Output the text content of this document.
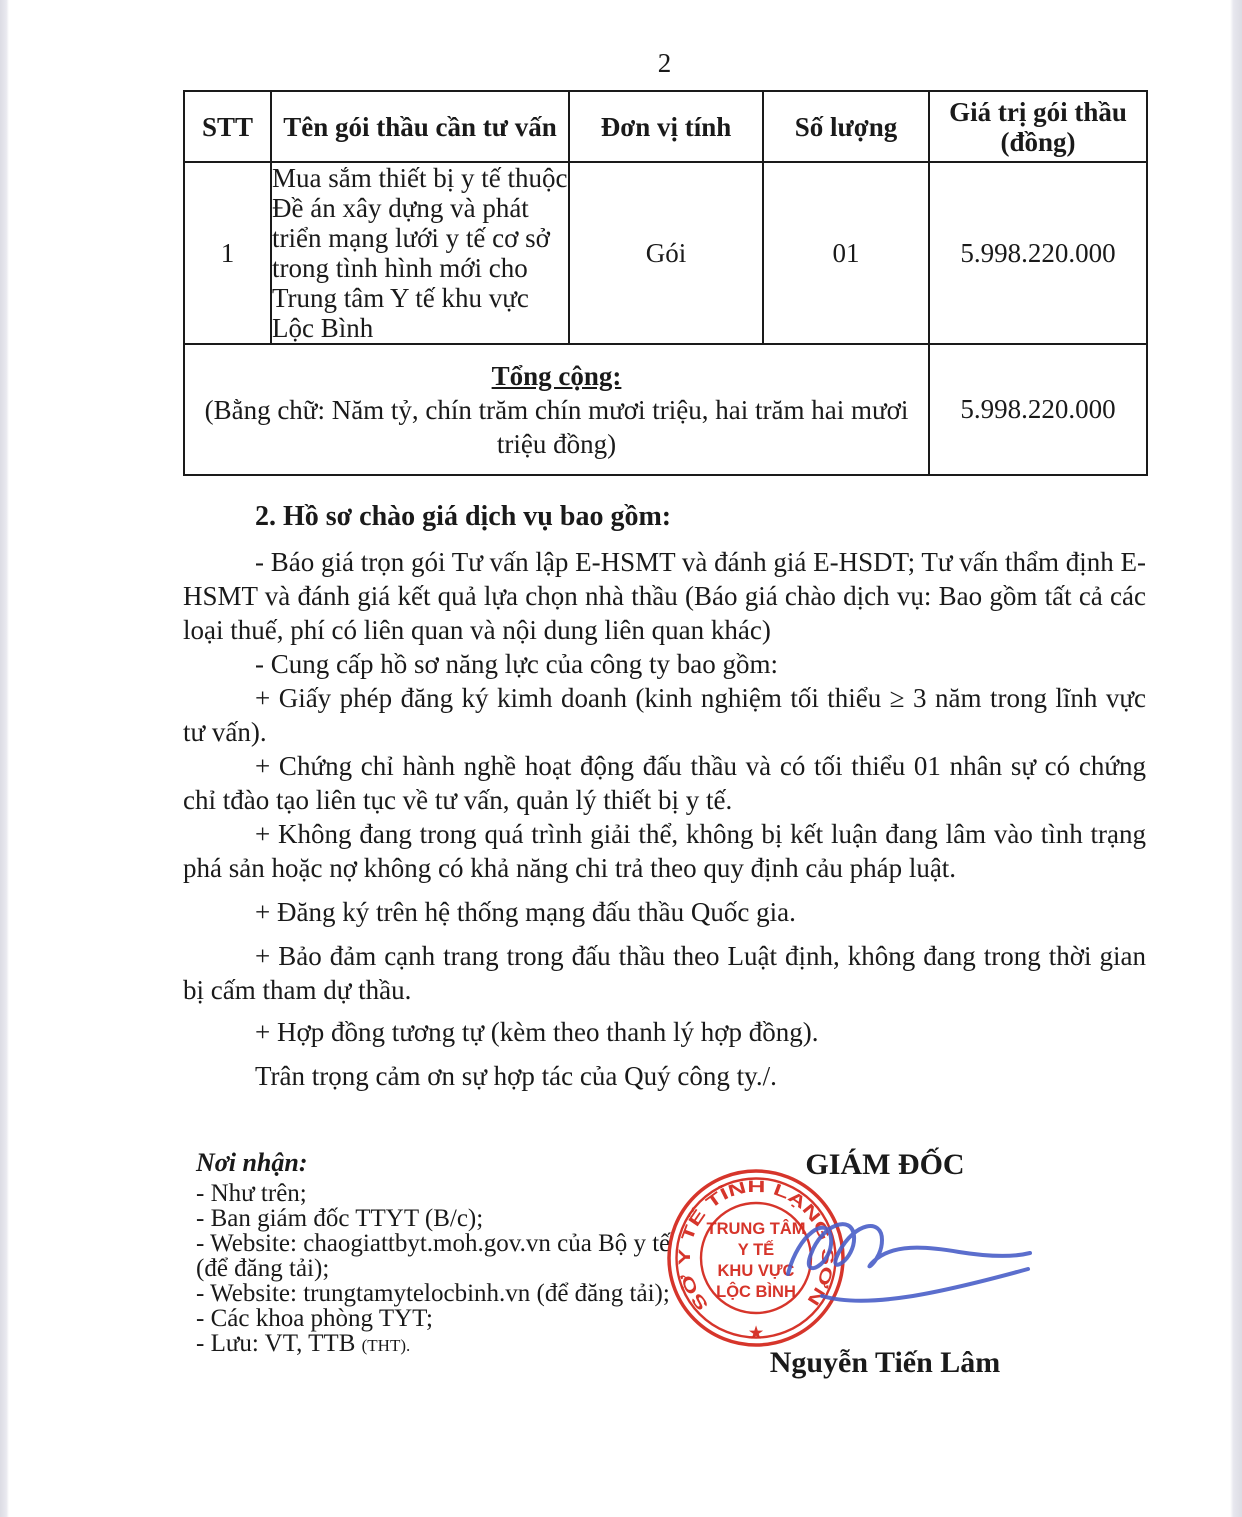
2
STT	Tên gói thầu cần tư vấn	Đơn vị tính	Số lượng	Giá trị gói thầu (đồng)
1	Mua sắm thiết bị y tế thuộc Đề án xây dựng và phát triển mạng lưới y tế cơ sở trong tình hình mới cho Trung tâm Y tế khu vực Lộc Bình	Gói	01	5.998.220.000

Tổng cộng:
(Bằng chữ: Năm tỷ, chín trăm chín mươi triệu, hai trăm hai mươi triệu đồng)				5.998.220.000

2. Hồ sơ chào giá dịch vụ bao gồm:

- Báo giá trọn gói Tư vấn lập E-HSMT và đánh giá E-HSDT; Tư vấn thẩm định E-HSMT và đánh giá kết quả lựa chọn nhà thầu (Báo giá chào dịch vụ: Bao gồm tất cả các loại thuế, phí có liên quan và nội dung liên quan khác)

- Cung cấp hồ sơ năng lực của công ty bao gồm:

+ Giấy phép đăng ký kimh doanh (kinh nghiệm tối thiểu ≥ 3 năm trong lĩnh vực tư vấn).

+ Chứng chỉ hành nghề hoạt động đấu thầu và có tối thiểu 01 nhân sự có chứng chỉ tđào tạo liên tục về tư vấn, quản lý thiết bị y tế.

+ Không đang trong quá trình giải thể, không bị kết luận đang lâm vào tình trạng phá sản hoặc nợ không có khả năng chi trả theo quy định cảu pháp luật.

+ Đăng ký trên hệ thống mạng đấu thầu Quốc gia.

+ Bảo đảm cạnh trang trong đấu thầu theo Luật định, không đang trong thời gian bị cấm tham dự thầu.

+ Hợp đồng tương tự (kèm theo thanh lý hợp đồng).

Trân trọng cảm ơn sự hợp tác của Quý công ty./.

Nơi nhận:
- Như trên;
- Ban giám đốc TTYT (B/c);
- Website: chaogiattbyt.moh.gov.vn của Bộ y tế (để đăng tải);
- Website: trungtamytelocbinh.vn (để đăng tải);
- Các khoa phòng TYT;
- Lưu: VT, TTB (THT).
GIÁM ĐỐC
SỞ Y TẾ TỈNH LẠNG SƠN
TRUNG TÂM
Y TẾ
KHU VỰC
LỘC BÌNH
★
Nguyễn Tiến Lâm
